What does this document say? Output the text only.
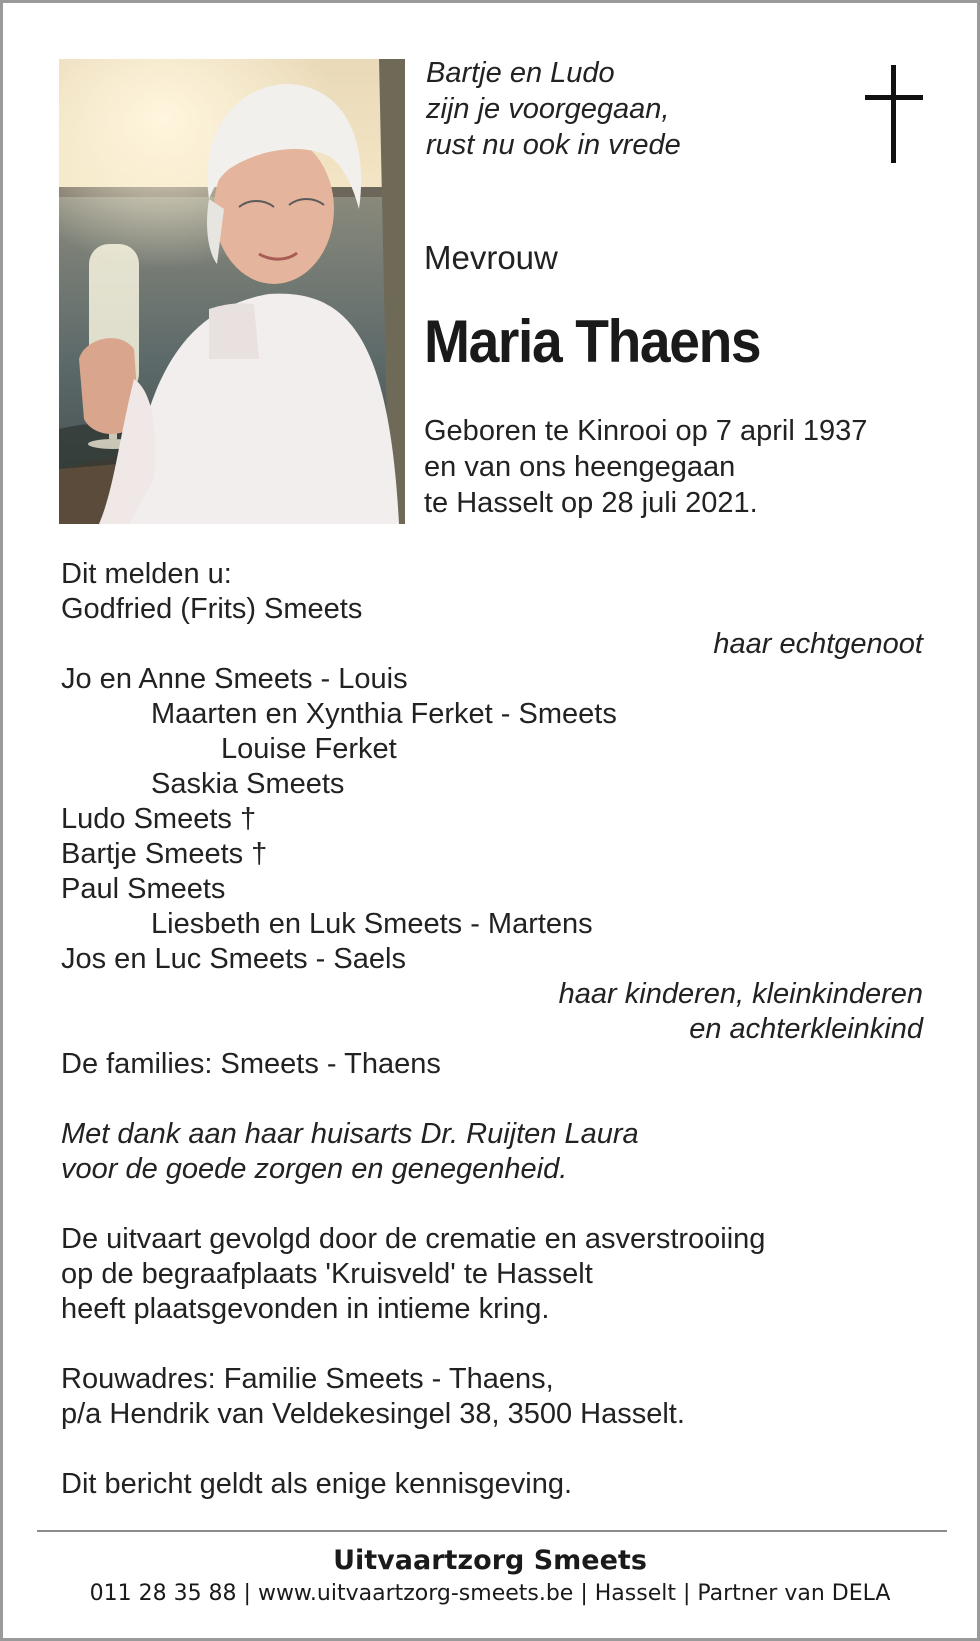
Bartje en Ludo
zijn je voorgegaan,
rust nu ook in vrede
Mevrouw
Maria Thaens
Geboren te Kinrooi op 7 april 1937
en van ons heengegaan
te Hasselt op 28 juli 2021.
Dit melden u:
Godfried (Frits) Smeets
haar echtgenoot
Jo en Anne Smeets - Louis
Maarten en Xynthia Ferket - Smeets
Louise Ferket
Saskia Smeets
Ludo Smeets †
Bartje Smeets †
Paul Smeets
Liesbeth en Luk Smeets - Martens
Jos en Luc Smeets - Saels
haar kinderen, kleinkinderen
en achterkleinkind
De families: Smeets - Thaens
Met dank aan haar huisarts Dr. Ruijten Laura
voor de goede zorgen en genegenheid.
De uitvaart gevolgd door de crematie en asverstrooiing
op de begraafplaats 'Kruisveld' te Hasselt
heeft plaatsgevonden in intieme kring.
Rouwadres: Familie Smeets - Thaens,
p/a Hendrik van Veldekesingel 38, 3500 Hasselt.
Dit bericht geldt als enige kennisgeving.
Uitvaartzorg Smeets
011 28 35 88 | www.uitvaartzorg-smeets.be | Hasselt | Partner van DELA
